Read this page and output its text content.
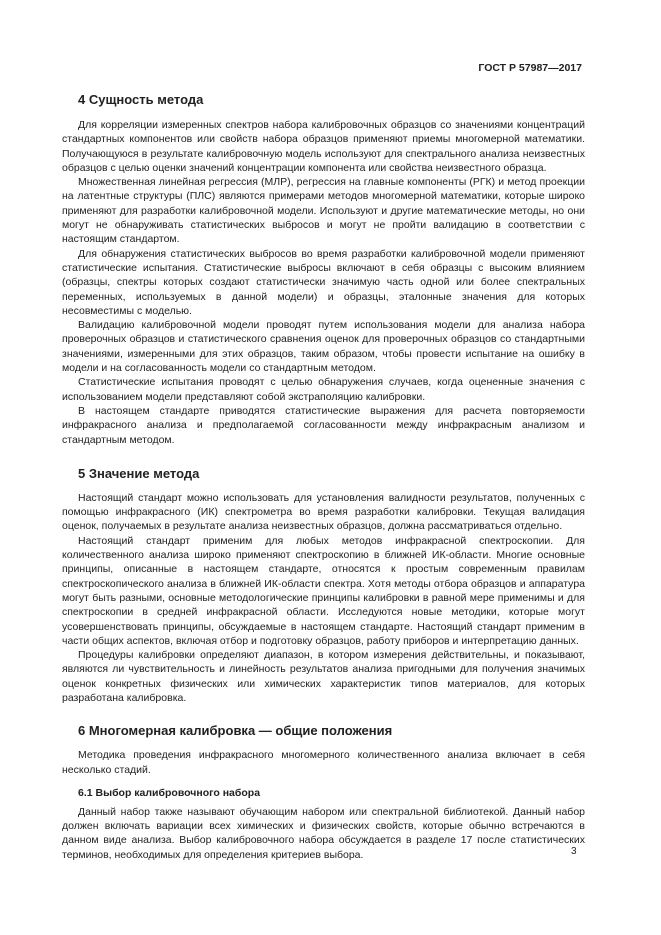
ГОСТ Р 57987—2017
4 Сущность метода

Для корреляции измеренных спектров набора калибровочных образцов со значениями концентраций стандартных компонентов или свойств набора образцов применяют приемы многомерной математики. Получающуюся в результате калибровочную модель используют для спектрального анализа неизвестных образцов с целью оценки значений концентрации компонента или свойства неизвестного образца.

Множественная линейная регрессия (МЛР), регрессия на главные компоненты (РГК) и метод проекции на латентные структуры (ПЛС) являются примерами методов многомерной математики, которые широко применяют для разработки калибровочной модели. Используют и другие математические методы, но они могут не обнаруживать статистических выбросов и могут не пройти валидацию в соответствии с настоящим стандартом.

Для обнаружения статистических выбросов во время разработки калибровочной модели применяют статистические испытания. Статистические выбросы включают в себя образцы с высоким влиянием (образцы, спектры которых создают статистически значимую часть одной или более спектральных переменных, используемых в данной модели) и образцы, эталонные значения для которых несовместимы с моделью.

Валидацию калибровочной модели проводят путем использования модели для анализа набора проверочных образцов и статистического сравнения оценок для проверочных образцов со стандартными значениями, измеренными для этих образцов, таким образом, чтобы провести испытание на ошибку в модели и на согласованность модели со стандартным методом.

Статистические испытания проводят с целью обнаружения случаев, когда оцененные значения с использованием модели представляют собой экстраполяцию калибровки.

В настоящем стандарте приводятся статистические выражения для расчета повторяемости инфракрасного анализа и предполагаемой согласованности между инфракрасным анализом и стандартным методом.

5 Значение метода

Настоящий стандарт можно использовать для установления валидности результатов, полученных с помощью инфракрасного (ИК) спектрометра во время разработки калибровки. Текущая валидация оценок, получаемых в результате анализа неизвестных образцов, должна рассматриваться отдельно.

Настоящий стандарт применим для любых методов инфракрасной спектроскопии. Для количественного анализа широко применяют спектроскопию в ближней ИК-области. Многие основные принципы, описанные в настоящем стандарте, относятся к простым современным правилам спектроскопического анализа в ближней ИК-области спектра. Хотя методы отбора образцов и аппаратура могут быть разными, основные методологические принципы калибровки в равной мере применимы и для спектроскопии в средней инфракрасной области. Исследуются новые методики, которые могут усовершенствовать принципы, обсуждаемые в настоящем стандарте. Настоящий стандарт применим в части общих аспектов, включая отбор и подготовку образцов, работу приборов и интерпретацию данных.

Процедуры калибровки определяют диапазон, в котором измерения действительны, и показывают, являются ли чувствительность и линейность результатов анализа пригодными для получения значимых оценок конкретных физических или химических характеристик типов материалов, для которых разработана калибровка.

6 Многомерная калибровка — общие положения

Методика проведения инфракрасного многомерного количественного анализа включает в себя несколько стадий.

6.1 Выбор калибровочного набора

Данный набор также называют обучающим набором или спектральной библиотекой. Данный набор должен включать вариации всех химических и физических свойств, которые обычно встречаются в данном виде анализа. Выбор калибровочного набора обсуждается в разделе 17 после статистических терминов, необходимых для определения критериев выбора.	3
